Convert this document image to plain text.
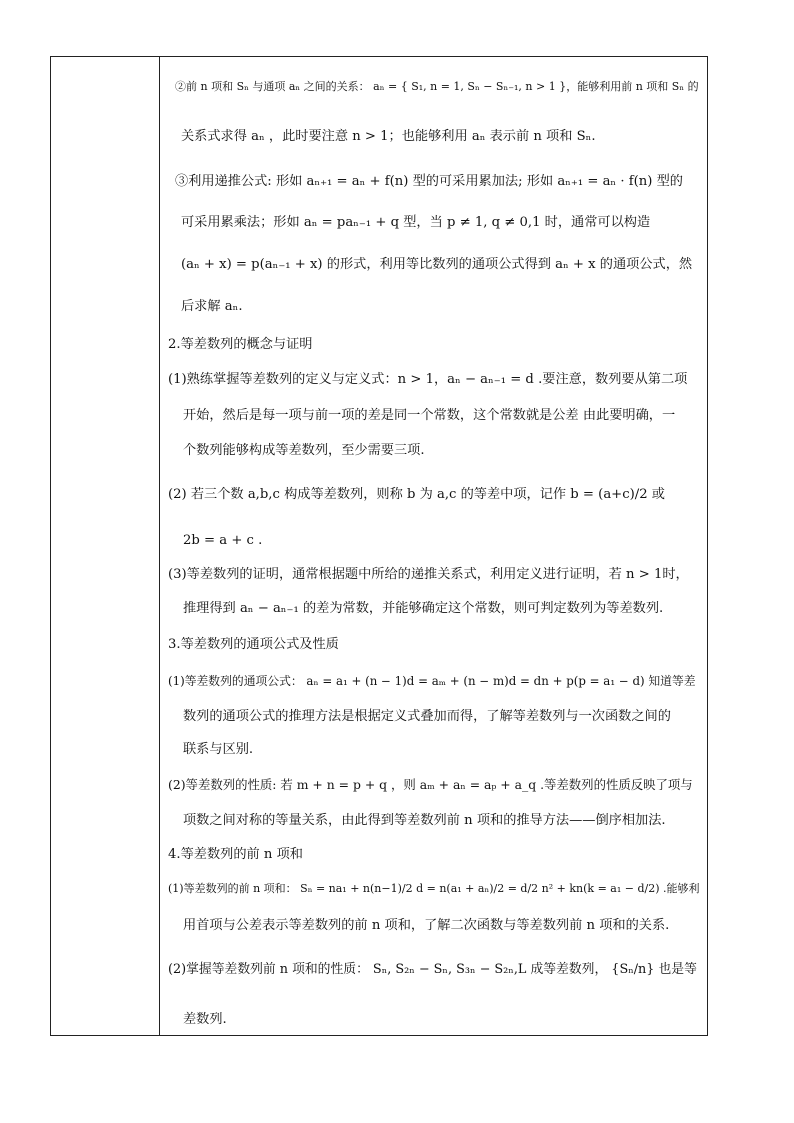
②前 n 项和 Sₙ 与通项 aₙ 之间的关系： aₙ = { S₁, n = 1, Sₙ − Sₙ₋₁, n > 1 }，能够利用前 n 项和 Sₙ 的
关系式求得 aₙ ，此时要注意 n > 1；也能够利用 aₙ 表示前 n 项和 Sₙ.
③利用递推公式: 形如 aₙ₊₁ = aₙ + f(n) 型的可采用累加法; 形如 aₙ₊₁ = aₙ · f(n) 型的
可采用累乘法；形如 aₙ = paₙ₋₁ + q 型，当 p ≠ 1, q ≠ 0,1 时，通常可以构造
(aₙ + x) = p(aₙ₋₁ + x) 的形式，利用等比数列的通项公式得到 aₙ + x 的通项公式，然
后求解 aₙ.
2.等差数列的概念与证明
(1)熟练掌握等差数列的定义与定义式：n > 1，aₙ − aₙ₋₁ = d .要注意，数列要从第二项
开始，然后是每一项与前一项的差是同一个常数，这个常数就是公差 由此要明确，一
个数列能够构成等差数列，至少需要三项.
(2) 若三个数 a,b,c 构成等差数列，则称 b 为 a,c 的等差中项，记作 b = (a+c)/2 或
2b = a + c .
(3)等差数列的证明，通常根据题中所给的递推关系式，利用定义进行证明，若 n > 1时，
推理得到 aₙ − aₙ₋₁ 的差为常数，并能够确定这个常数，则可判定数列为等差数列.
3.等差数列的通项公式及性质
(1)等差数列的通项公式： aₙ = a₁ + (n − 1)d = aₘ + (n − m)d = dn + p(p = a₁ − d) 知道等差
数列的通项公式的推理方法是根据定义式叠加而得，了解等差数列与一次函数之间的
联系与区别.
(2)等差数列的性质: 若 m + n = p + q ，则 aₘ + aₙ = aₚ + a_q .等差数列的性质反映了项与
项数之间对称的等量关系，由此得到等差数列前 n 项和的推导方法——倒序相加法.
4.等差数列的前 n 项和
(1)等差数列的前 n 项和： Sₙ = na₁ + n(n−1)/2 d = n(a₁ + aₙ)/2 = d/2 n² + kn(k = a₁ − d/2) .能够利
用首项与公差表示等差数列的前 n 项和，了解二次函数与等差数列前 n 项和的关系.
(2)掌握等差数列前 n 项和的性质： Sₙ, S₂ₙ − Sₙ, S₃ₙ − S₂ₙ,L 成等差数列， {Sₙ/n} 也是等
差数列.
